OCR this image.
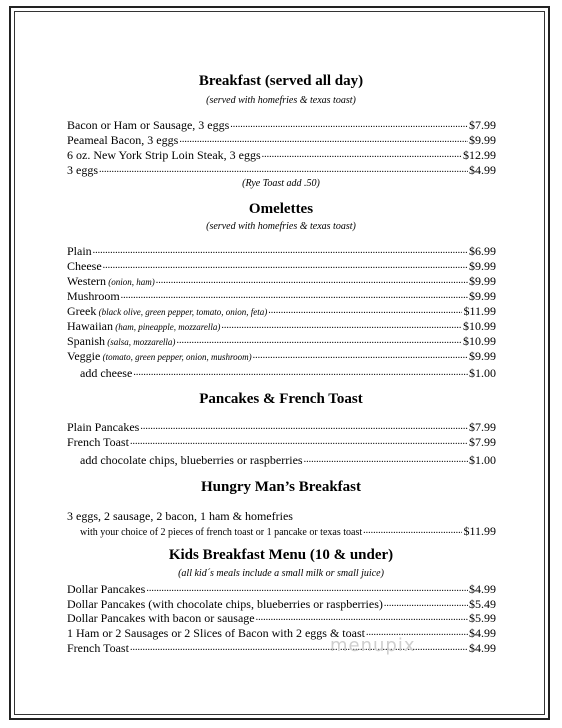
Breakfast (served all day)
(served with homefries & texas toast)
Bacon or Ham or Sausage, 3 eggs .....	$7.99
Peameal Bacon, 3 eggs .....	$9.99
6 oz. New York Strip Loin Steak, 3 eggs .....	$12.99
3 eggs .....	$4.99
(Rye Toast add .50)
Omelettes
(served with homefries & texas toast)
Plain .....	$6.99
Cheese .....	$9.99
Western (onion, ham) .....	$9.99
Mushroom .....	$9.99
Greek (black olive, green pepper, tomato, onion, feta) .....	$11.99
Hawaiian (ham, pineapple, mozzarella) .....	$10.99
Spanish (salsa, mozzarella) .....	$10.99
Veggie (tomato, green pepper, onion, mushroom) .....	$9.99
add cheese .....	$1.00
Pancakes & French Toast
Plain Pancakes .....	$7.99
French Toast .....	$7.99
add chocolate chips, blueberries or raspberries .....	$1.00
Hungry Man’s Breakfast
3 eggs, 2 sausage, 2 bacon, 1 ham & homefries
with your choice of 2 pieces of french toast or 1 pancake or texas toast .....	$11.99
Kids Breakfast Menu (10 & under)
(all kid´s meals include a small milk or small juice)
Dollar Pancakes .....	$4.99
Dollar Pancakes (with chocolate chips, blueberries or raspberries) .....	$5.49
Dollar Pancakes with bacon or sausage .....	$5.99
1 Ham or 2 Sausages or 2 Slices of Bacon with 2 eggs & toast .....	$4.99
French Toast .....	$4.99
menupix
